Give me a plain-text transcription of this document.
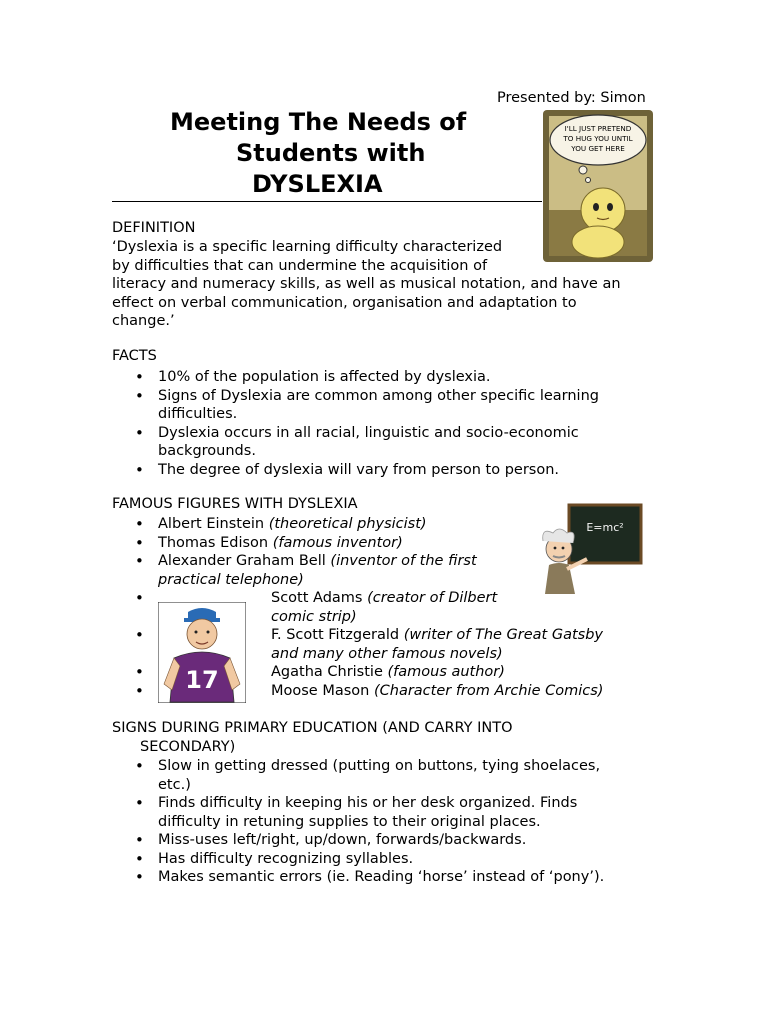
Presented by: Simon
Meeting The Needs of
Students with
DYSLEXIA
I'LL JUST PRETEND
TO HUG YOU UNTIL
YOU GET HERE
DEFINITION
‘Dyslexia is a specific learning difficulty characterized
by difficulties that can undermine the acquisition of
literacy and numeracy skills, as well as musical notation, and have an
effect on verbal communication, organisation and adaptation to
change.’
FACTS
• 10% of the population is affected by dyslexia.
• Signs of Dyslexia are common among other specific learning
difficulties.
• Dyslexia occurs in all racial, linguistic and socio-economic
backgrounds.
• The degree of dyslexia will vary from person to person.
FAMOUS FIGURES WITH DYSLEXIA
E=mc²
• Albert Einstein (theoretical physicist)
• Thomas Edison (famous inventor)
• Alexander Graham Bell (inventor of the first
practical telephone)
• Scott Adams (creator of Dilbert
comic strip)
• F. Scott Fitzgerald (writer of The Great Gatsby
and many other famous novels)
• Agatha Christie (famous author)
• Moose Mason (Character from Archie Comics)
17
SIGNS DURING PRIMARY EDUCATION (AND CARRY INTO
SECONDARY)
• Slow in getting dressed (putting on buttons, tying shoelaces,
etc.)
• Finds difficulty in keeping his or her desk organized. Finds
difficulty in retuning supplies to their original places.
• Miss-uses left/right, up/down, forwards/backwards.
• Has difficulty recognizing syllables.
• Makes semantic errors (ie. Reading ‘horse’ instead of ‘pony’).
